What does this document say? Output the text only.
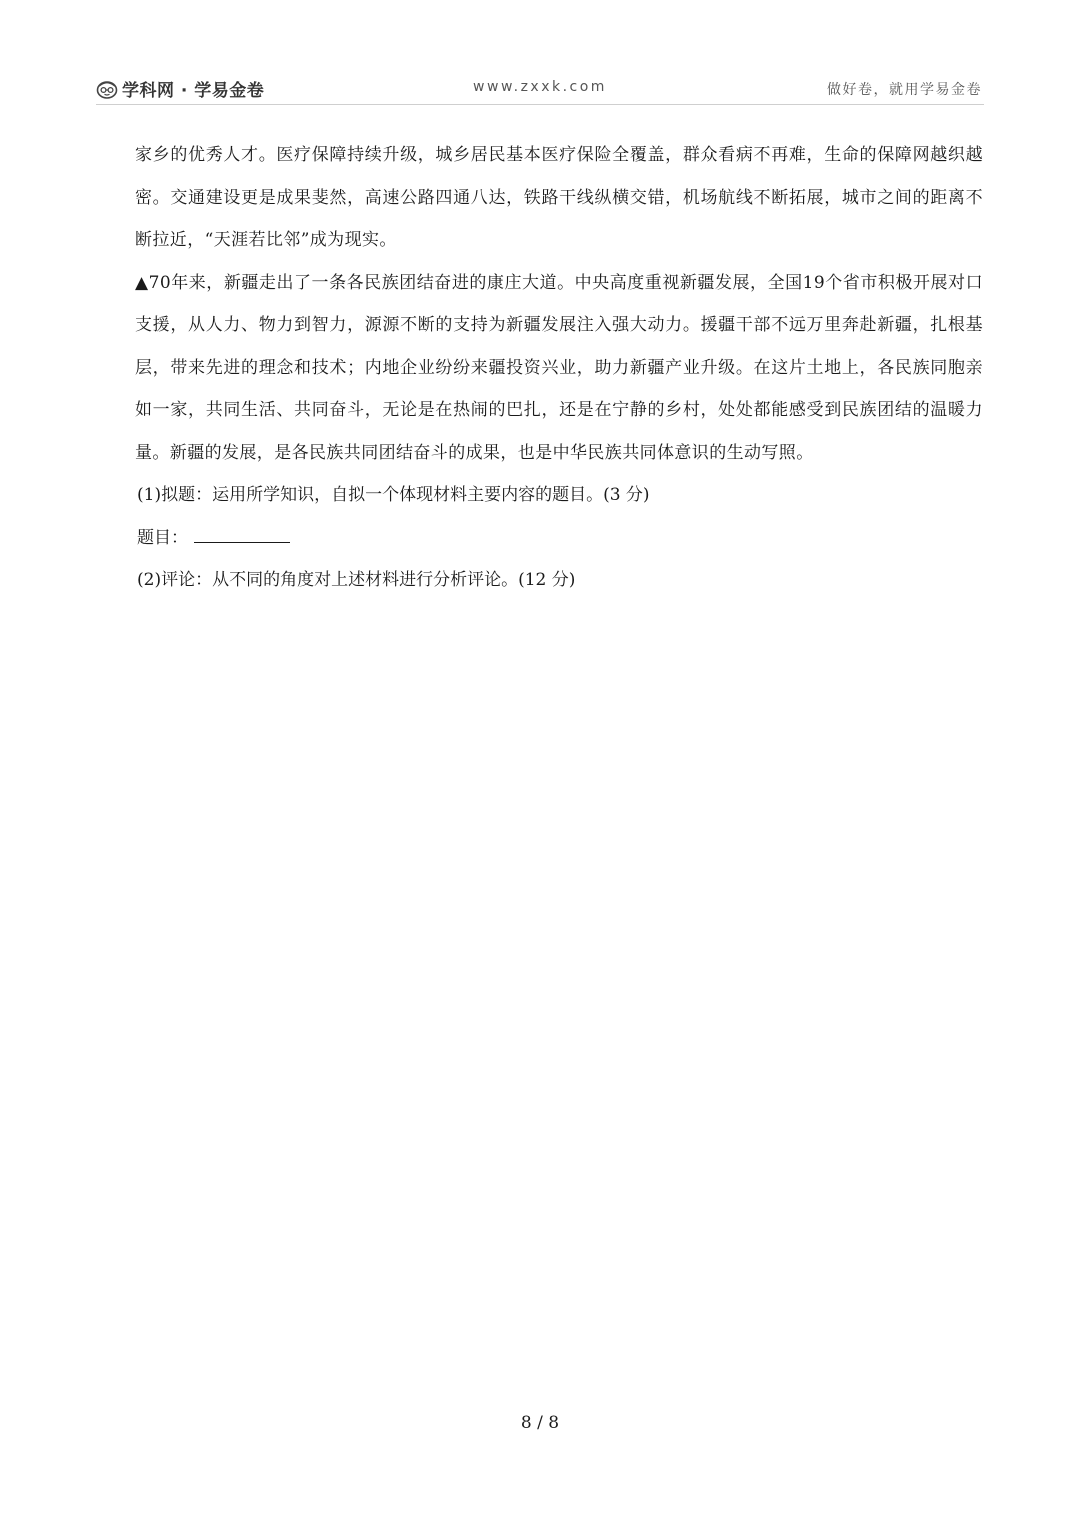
学科网 · 学易金卷	www.zxxk.com	做好卷，就用学易金卷

家乡的优秀人才。医疗保障持续升级，城乡居民基本医疗保险全覆盖，群众看病不再难，生命的保障网越织越密。交通建设更是成果斐然，高速公路四通八达，铁路干线纵横交错，机场航线不断拓展，城市之间的距离不断拉近，“天涯若比邻”成为现实。

▲70年来，新疆走出了一条各民族团结奋进的康庄大道。中央高度重视新疆发展，全国19个省市积极开展对口支援，从人力、物力到智力，源源不断的支持为新疆发展注入强大动力。援疆干部不远万里奔赴新疆，扎根基层，带来先进的理念和技术；内地企业纷纷来疆投资兴业，助力新疆产业升级。在这片土地上，各民族同胞亲如一家，共同生活、共同奋斗，无论是在热闹的巴扎，还是在宁静的乡村，处处都能感受到民族团结的温暖力量。新疆的发展，是各民族共同团结奋斗的成果，也是中华民族共同体意识的生动写照。

(1)拟题：运用所学知识，自拟一个体现材料主要内容的题目。(3 分)

题目：

(2)评论：从不同的角度对上述材料进行分析评论。(12 分)

8 / 8
